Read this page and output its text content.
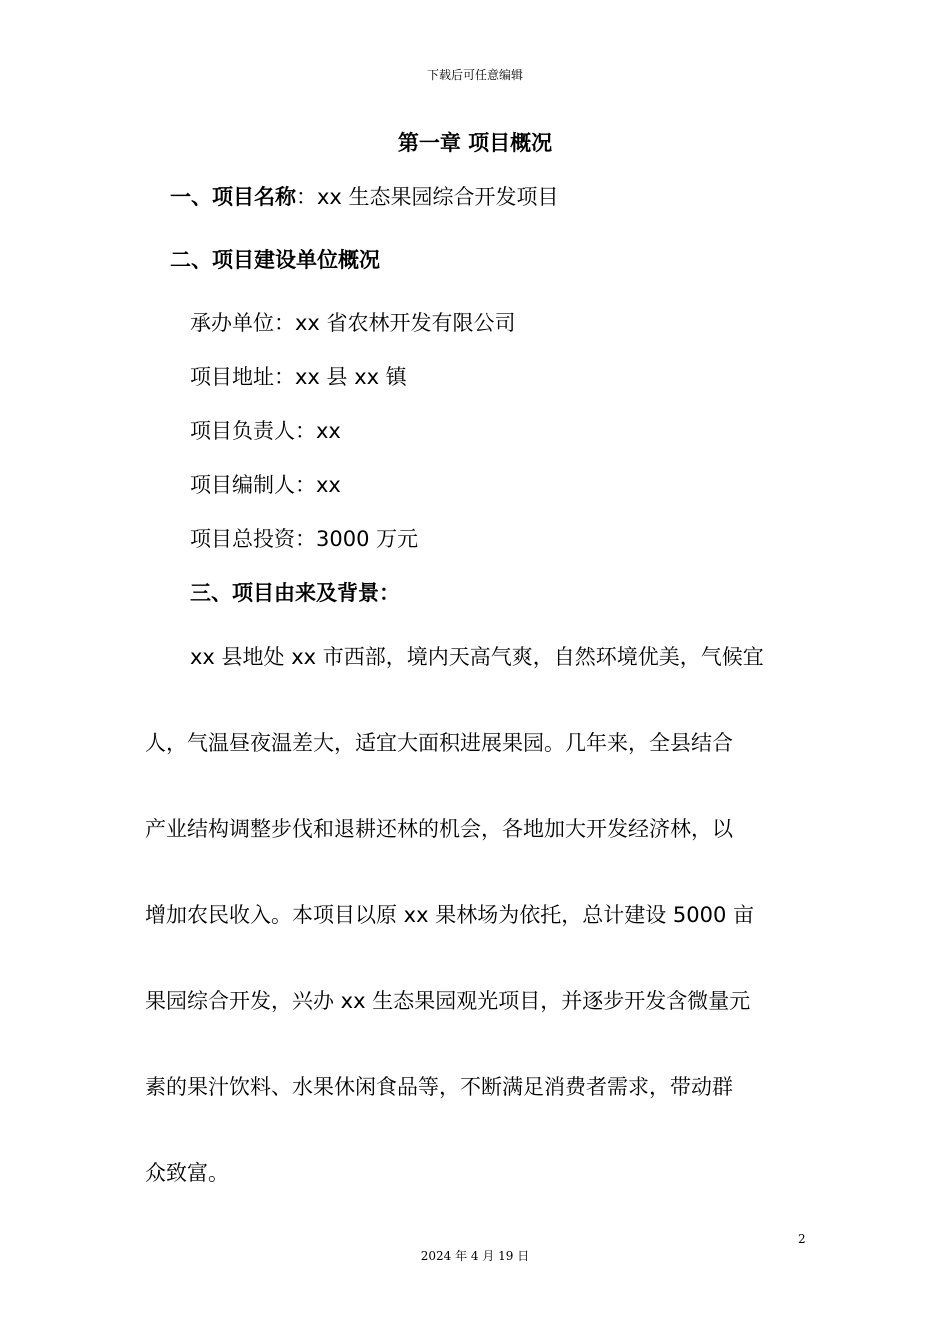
下载后可任意编辑
第一章 项目概况
一、项目名称：xx 生态果园综合开发项目
二、项目建设单位概况
承办单位：xx 省农林开发有限公司
项目地址：xx 县 xx 镇
项目负责人：xx
项目编制人：xx
项目总投资：3000 万元
三、项目由来及背景：
xx 县地处 xx 市西部，境内天高气爽，自然环境优美，气候宜
人，气温昼夜温差大，适宜大面积进展果园。几年来，全县结合
产业结构调整步伐和退耕还林的机会，各地加大开发经济林，以
增加农民收入。本项目以原 xx 果林场为依托，总计建设 5000 亩
果园综合开发，兴办 xx 生态果园观光项目，并逐步开发含微量元
素的果汁饮料、水果休闲食品等，不断满足消费者需求，带动群
众致富。
2
2024 年 4 月 19 日
